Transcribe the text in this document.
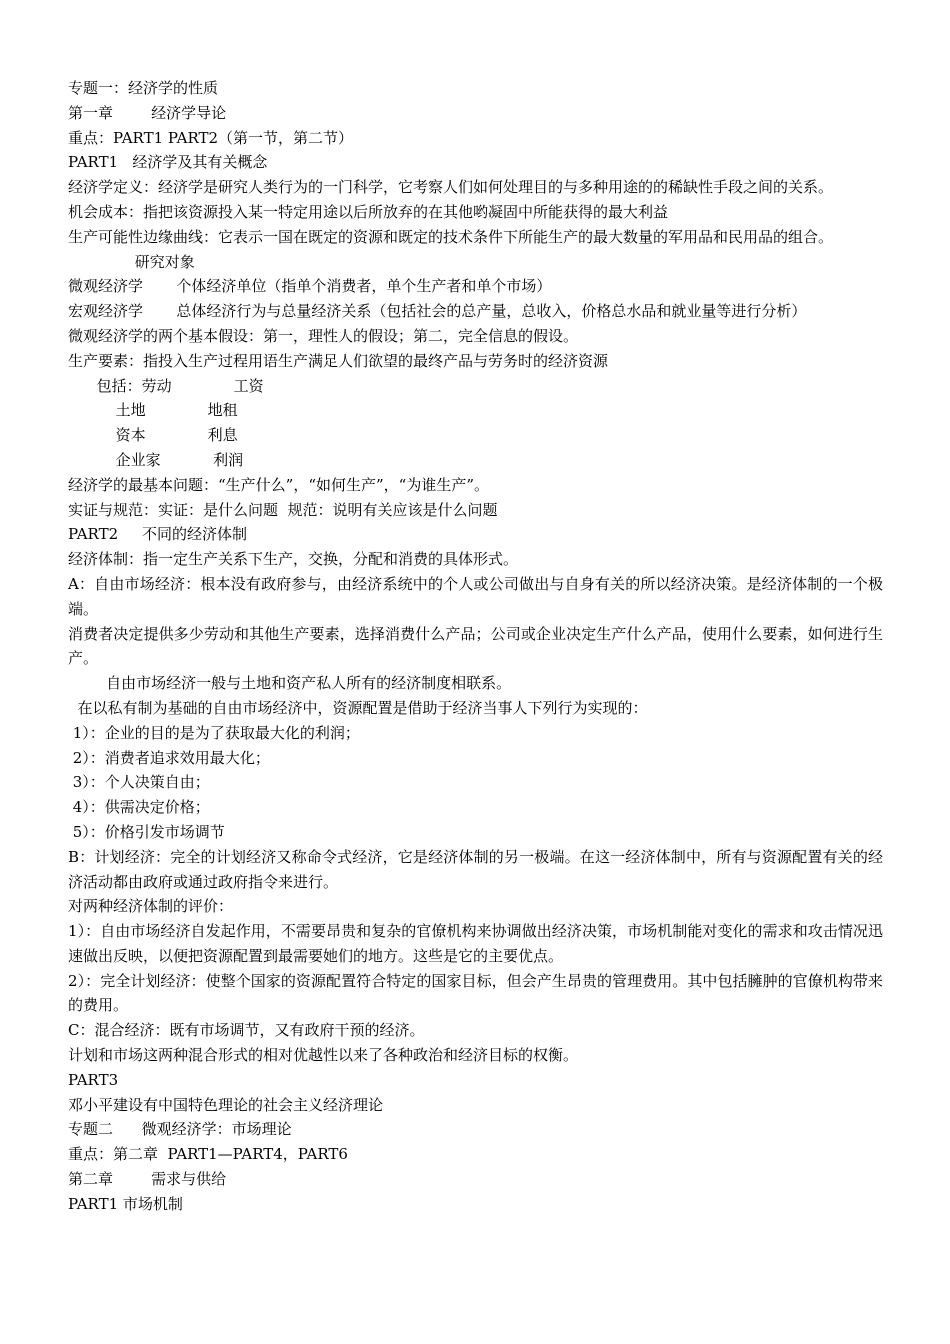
专题一：经济学的性质
第一章        经济学导论
重点：PART1 PART2（第一节，第二节）
PART1   经济学及其有关概念
经济学定义：经济学是研究人类行为的一门科学，它考察人们如何处理目的与多种用途的的稀缺性手段之间的关系。
机会成本：指把该资源投入某一特定用途以后所放弃的在其他哟凝固中所能获得的最大利益
生产可能性边缘曲线：它表示一国在既定的资源和既定的技术条件下所能生产的最大数量的军用品和民用品的组合。
研究对象
微观经济学       个体经济单位（指单个消费者，单个生产者和单个市场）
宏观经济学       总体经济行为与总量经济关系（包括社会的总产量，总收入，价格总水品和就业量等进行分析）
微观经济学的两个基本假设：第一，理性人的假设；第二，完全信息的假设。
生产要素：指投入生产过程用语生产满足人们欲望的最终产品与劳务时的经济资源
包括：劳动             工资
土地             地租
资本             利息
企业家           利润
经济学的最基本问题：“生产什么”，“如何生产”，“为谁生产”。
实证与规范：实证：是什么问题  规范：说明有关应该是什么问题
PART2     不同的经济体制
经济体制：指一定生产关系下生产，交换，分配和消费的具体形式。
A：自由市场经济：根本没有政府参与，由经济系统中的个人或公司做出与自身有关的所以经济决策。是经济体制的一个极端。
消费者决定提供多少劳动和其他生产要素，选择消费什么产品；公司或企业决定生产什么产品，使用什么要素，如何进行生产。
自由市场经济一般与土地和资产私人所有的经济制度相联系。
在以私有制为基础的自由市场经济中，资源配置是借助于经济当事人下列行为实现的：
1）：企业的目的是为了获取最大化的利润；
2）：消费者追求效用最大化；
3）：个人决策自由；
4）：供需决定价格；
5）：价格引发市场调节
B：计划经济：完全的计划经济又称命令式经济，它是经济体制的另一极端。在这一经济体制中，所有与资源配置有关的经济活动都由政府或通过政府指令来进行。
对两种经济体制的评价：
1）：自由市场经济自发起作用，不需要昂贵和复杂的官僚机构来协调做出经济决策，市场机制能对变化的需求和攻击情况迅速做出反映，以便把资源配置到最需要她们的地方。这些是它的主要优点。
2）：完全计划经济：使整个国家的资源配置符合特定的国家目标，但会产生昂贵的管理费用。其中包括臃肿的官僚机构带来的费用。
C：混合经济：既有市场调节，又有政府干预的经济。
计划和市场这两种混合形式的相对优越性以来了各种政治和经济目标的权衡。
PART3
邓小平建设有中国特色理论的社会主义经济理论
专题二      微观经济学：市场理论
重点：第二章  PART1—PART4，PART6
第二章        需求与供给
PART1 市场机制
